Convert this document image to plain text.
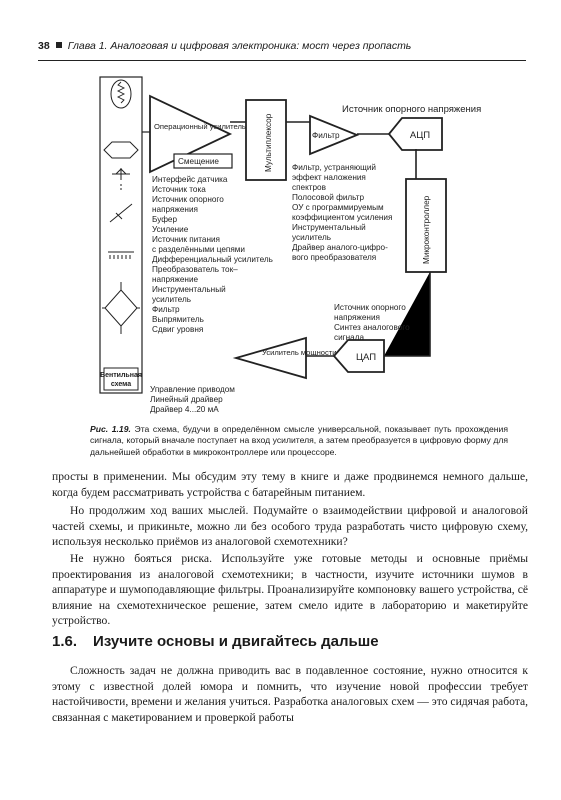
38 Глава 1. Аналоговая и цифровая электроника: мост через пропасть
Вентильная
схема
Операционный усилитель
Смещение	Мультиплексор	Фильтр
Источник опорного напряжения
АЦП
Микроконтроллер
ЦАП
Усилитель мощности
Интерфейс датчика
Источник тока
Источник опорного
напряжения
Буфер
Усиление
Источник питания
с разделёнными цепями
Дифференциальный усилитель
Преобразователь ток–
напряжение
Инструментальный
усилитель
Фильтр
Выпрямитель
Сдвиг уровня
Фильтр, устраняющий
эффект наложения
спектров
Полосовой фильтр
ОУ с программируемым
коэффициентом усиления
Инструментальный
усилитель
Драйвер аналого-цифро-
вого преобразователя
Источник опорного
напряжения
Синтез аналогового
сигнала
Управление приводом
Линейный драйвер
Драйвер 4...20 мА
Рис. 1.19. Эта схема, будучи в определённом смысле универсальной, показывает путь прохождения сигнала, который вначале поступает на вход усилителя, а затем преобразуется в цифровую форму для дальнейшей обработки в микроконтроллере или процессоре.

просты в применении. Мы обсудим эту тему в книге и даже продвинемся немного дальше, когда будем рассматривать устройства с батарейным питанием.

Но продолжим ход ваших мыслей. Подумайте о взаимодействии цифровой и аналоговой частей схемы, и прикиньте, можно ли без особого труда разработать чисто цифровую схему, используя несколько приёмов из аналоговой схемотехники?

Не нужно бояться риска. Используйте уже готовые методы и основные приёмы проектирования из аналоговой схемотехники; в частности, изучите источники шумов в аппаратуре и шумоподавляющие фильтры. Проанализируйте компоновку вашего устройства, сё влияние на схемотехническое решение, затем смело идите в лабораторию и макетируйте устройство.

1.6. Изучите основы и двигайтесь дальше

Сложность задач не должна приводить вас в подавленное состояние, нужно относится к этому с известной долей юмора и помнить, что изучение новой профессии требует настойчивости, времени и желания учиться. Разработка аналоговых схем — это сидячая работа, связанная с макетированием и проверкой работы
